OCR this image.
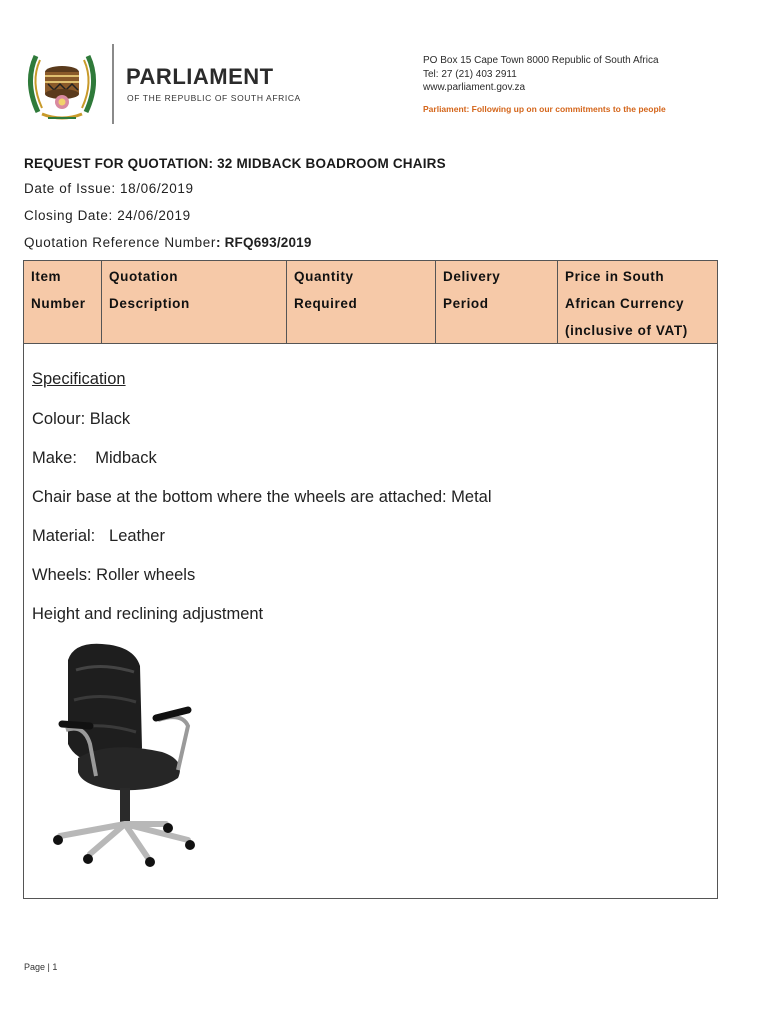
PARLIAMENT
OF THE REPUBLIC OF SOUTH AFRICA
PO Box 15 Cape Town 8000 Republic of South Africa
Tel: 27 (21) 403 2911
www.parliament.gov.za
Parliament: Following up on our commitments to the people
REQUEST FOR QUOTATION: 32 MIDBACK BOADROOM CHAIRS
Date of Issue: 18/06/2019
Closing Date: 24/06/2019
Quotation Reference Number: RFQ693/2019
Item
Number
Quotation
Description
Quantity
Required
Delivery
Period
Price in South
African Currency
(inclusive of VAT)
Specification
Colour: Black
Make:    Midback
Chair base at the bottom where the wheels are attached: Metal
Material:   Leather
Wheels: Roller wheels
Height and reclining adjustment
Page | 1
